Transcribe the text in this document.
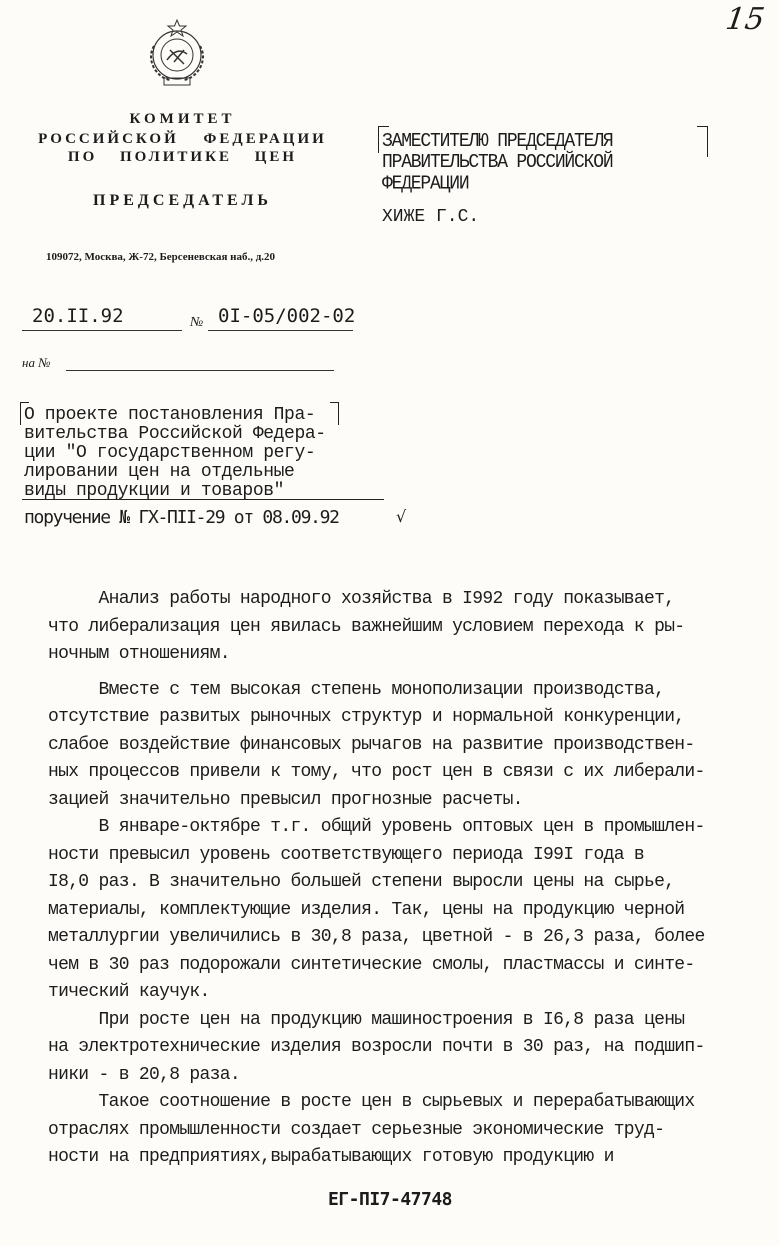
15
КОМИТЕТ
РОССИЙСКОЙ ФЕДЕРАЦИИ
ПО ПОЛИТИКЕ ЦЕН
ПРЕДСЕДАТЕЛЬ
109072, Москва, Ж-72, Берсеневская наб., д.20
ЗАМЕСТИТЕЛЮ ПРЕДСЕДАТЕЛЯ
ПРАВИТЕЛЬСТВА РОССИЙСКОЙ
ФЕДЕРАЦИИ
ХИЖЕ Г.С.
20.II.92	№ 0I-05/002-02
на №
О проекте постановления Пра-
вительства Российской Федера-
ции "О государственном регу-
лировании цен на отдельные
виды продукции и товаров"
поручение № ГХ-ПII-29 от 08.09.92	√
Анализ работы народного хозяйства в I992 году показывает,
что либерализация цен явилась важнейшим условием перехода к ры-
ночным отношениям.
Вместе с тем высокая степень монополизации производства,
отсутствие развитых рыночных структур и нормальной конкуренции,
слабое воздействие финансовых рычагов на развитие производствен-
ных процессов привели к тому, что рост цен в связи с их либерали-
зацией значительно превысил прогнозные расчеты.
В январе-октябре т.г. общий уровень оптовых цен в промышлен-
ности превысил уровень соответствующего периода I99I года в
I8,0 раз. В значительно большей степени выросли цены на сырье,
материалы, комплектующие изделия. Так, цены на продукцию черной
металлургии увеличились в 30,8 раза, цветной - в 26,3 раза, более
чем в 30 раз подорожали синтетические смолы, пластмассы и синте-
тический каучук.
При росте цен на продукцию машиностроения в I6,8 раза цены
на электротехнические изделия возросли почти в 30 раз, на подшип-
ники - в 20,8 раза.
Такое соотношение в росте цен в сырьевых и перерабатывающих
отраслях промышленности создает серьезные экономические труд-
ности на предприятиях,вырабатывающих готовую продукцию и
ЕГ-ПI7-47748
